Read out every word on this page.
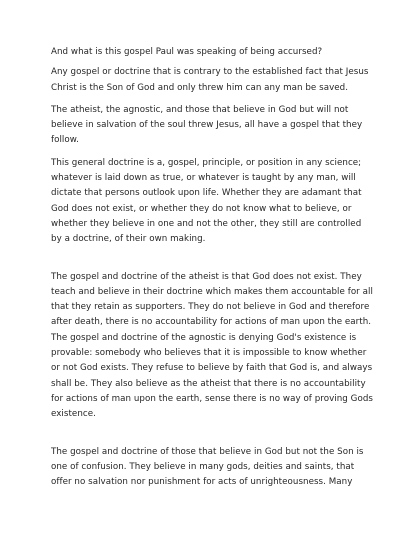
And what is this gospel Paul was speaking of being accursed?

Any gospel or doctrine that is contrary to the established fact that Jesus Christ is the Son of God and only threw him can any man be saved.

The atheist, the agnostic, and those that believe in God but will not believe in salvation of the soul threw Jesus, all have a gospel that they follow.

This general doctrine is a, gospel, principle, or position in any science; whatever is laid down as true, or whatever is taught by any man, will dictate that persons outlook upon life. Whether they are adamant that God does not exist, or whether they do not know what to believe, or whether they believe in one and not the other, they still are controlled by a doctrine, of their own making.

The gospel and doctrine of the atheist is that God does not exist. They teach and believe in their doctrine which makes them accountable for all that they retain as supporters. They do not believe in God and therefore after death, there is no accountability for actions of man upon the earth. The gospel and doctrine of the agnostic is denying God's existence is provable: somebody who believes that it is impossible to know whether or not God exists. They refuse to believe by faith that God is, and always shall be. They also believe as the atheist that there is no accountability for actions of man upon the earth, sense there is no way of proving Gods existence.

The gospel and doctrine of those that believe in God but not the Son is one of confusion. They believe in many gods, deities and saints, that offer no salvation nor punishment for acts of unrighteousness. Many
